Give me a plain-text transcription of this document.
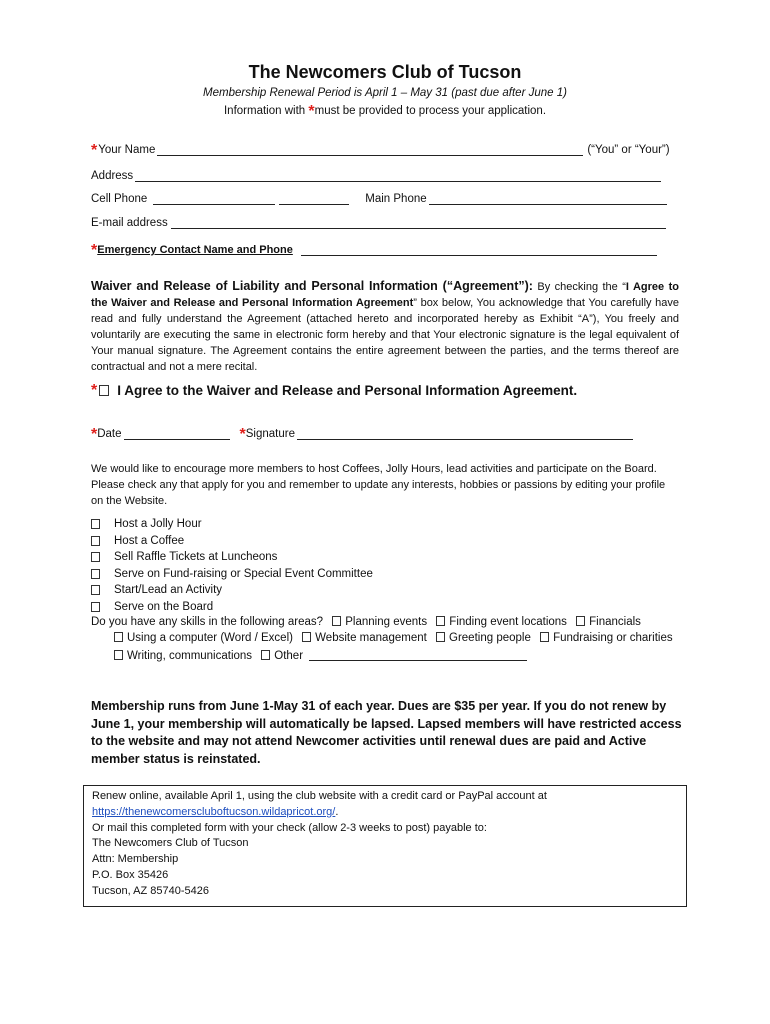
The Newcomers Club of Tucson
Membership Renewal Period is April 1 – May 31 (past due after June 1)
Information with *must be provided to process your application.
* Your Name	(“You” or “Your”)
Address
Cell Phone	Main Phone
E-mail address
* Emergency Contact Name and Phone
Waiver and Release of Liability and Personal Information (“Agreement”): By checking the “I Agree to the Waiver and Release and Personal Information Agreement” box below, You acknowledge that You carefully have read and fully understand the Agreement (attached hereto and incorporated hereby as Exhibit “A”), You freely and voluntarily are executing the same in electronic form hereby and that Your electronic signature is the legal equivalent of Your manual signature. The Agreement contains the entire agreement between the parties, and the terms thereof are contractual and not a mere recital.
* I Agree to the Waiver and Release and Personal Information Agreement.
* Date	* Signature
We would like to encourage more members to host Coffees, Jolly Hours, lead activities and participate on the Board. Please check any that apply for you and remember to update any interests, hobbies or passions by editing your profile on the Website.
Host a Jolly Hour
Host a Coffee
Sell Raffle Tickets at Luncheons
Serve on Fund-raising or Special Event Committee
Start/Lead an Activity
Serve on the Board
Do you have any skills in the following areas? Planning events Finding event locations Financials
Using a computer (Word / Excel) Website management Greeting people Fundraising or charities
Writing, communications Other
Membership runs from June 1-May 31 of each year. Dues are $35 per year. If you do not renew by June 1, your membership will automatically be lapsed. Lapsed members will have restricted access to the website and may not attend Newcomer activities until renewal dues are paid and Active member status is reinstated.
Renew online, available April 1, using the club website with a credit card or PayPal account at
https://thenewcomerscluboftucson.wildapricot.org/.
Or mail this completed form with your check (allow 2-3 weeks to post) payable to:
The Newcomers Club of Tucson
Attn: Membership
P.O. Box 35426
Tucson, AZ 85740-5426
